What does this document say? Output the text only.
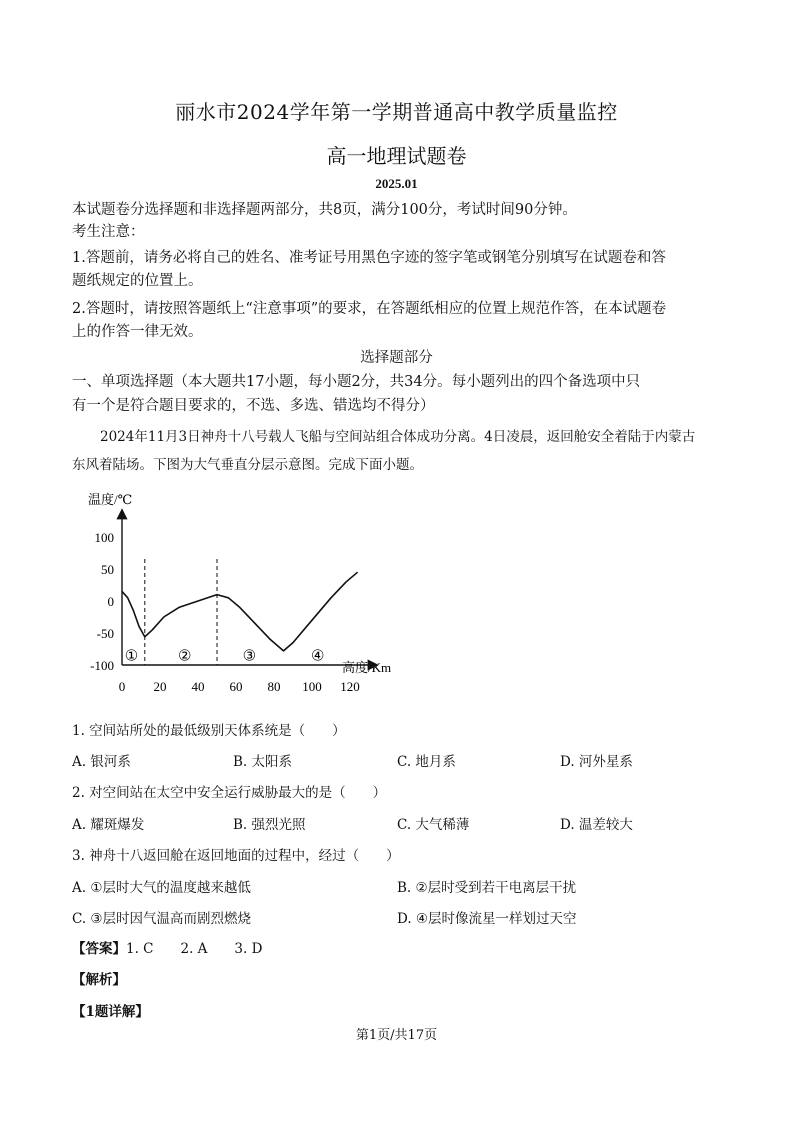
丽水市2024学年第一学期普通高中教学质量监控
高一地理试题卷
2025.01
本试题卷分选择题和非选择题两部分，共8页，满分100分，考试时间90分钟。
考生注意：
1.答题前，请务必将自己的姓名、准考证号用黑色字迹的签字笔或钢笔分别填写在试题卷和答
题纸规定的位置上。
2.答题时，请按照答题纸上“注意事项”的要求，在答题纸相应的位置上规范作答，在本试题卷
上的作答一律无效。
选择题部分
一、单项选择题（本大题共17小题，每小题2分，共34分。每小题列出的四个备选项中只
有一个是符合题目要求的，不选、多选、错选均不得分）
2024年11月3日神舟十八号载人飞船与空间站组合体成功分离。4日凌晨，返回舱安全着陆于内蒙古
东风着陆场。下图为大气垂直分层示意图。完成下面小题。
温度/℃
高度/Km
100
50
0
-50
-100
0 20 40 60 80 100 120
①	②	③	④
1. 空间站所处的最低级别天体系统是（　　）
A. 银河系	B. 太阳系	C. 地月系	D. 河外星系
2. 对空间站在太空中安全运行威胁最大的是（　　）
A. 耀斑爆发	B. 强烈光照	C. 大气稀薄	D. 温差较大
3. 神舟十八返回舱在返回地面的过程中，经过（　　）
A. ①层时大气的温度越来越低	B. ②层时受到若干电离层干扰
C. ③层时因气温高而剧烈燃烧	D. ④层时像流星一样划过天空
【答案】1. C　　2. A　　3. D
【解析】
【1题详解】
第1页/共17页
